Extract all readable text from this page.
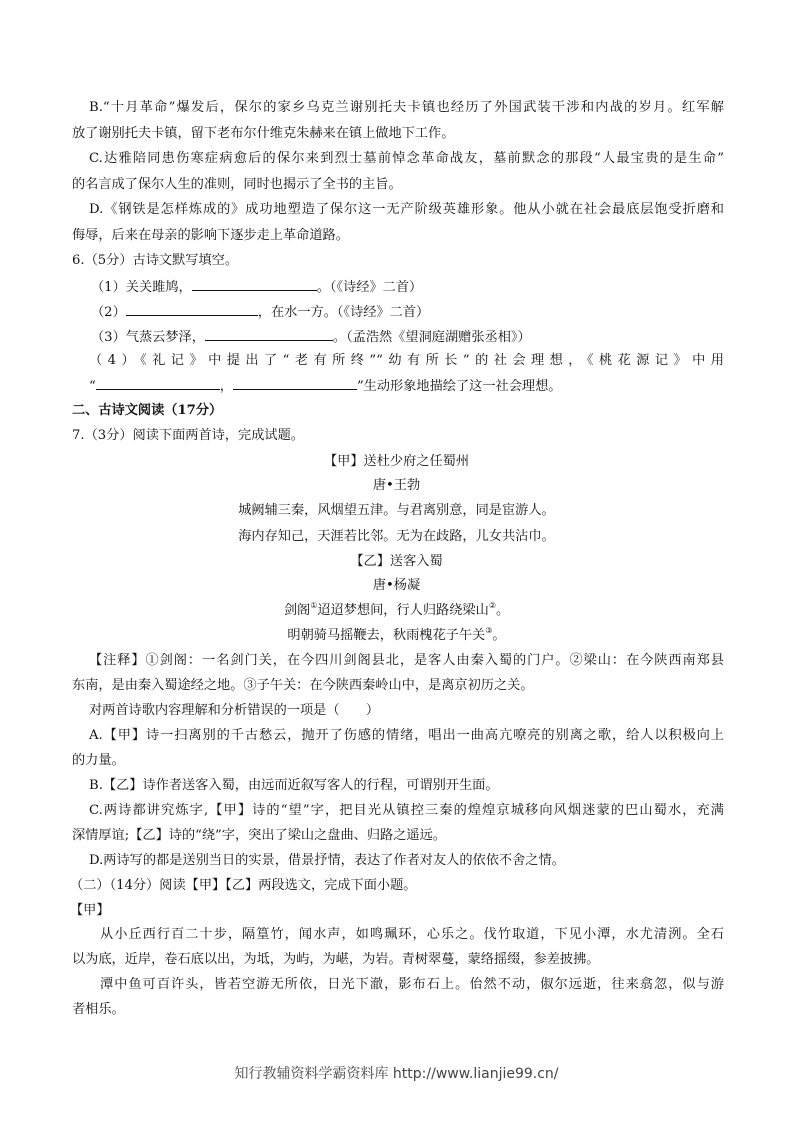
B.“十月革命”爆发后，保尔的家乡乌克兰谢别托夫卡镇也经历了外国武装干涉和内战的岁月。红军解
放了谢别托夫卡镇，留下老布尔什维克朱赫来在镇上做地下工作。
C.达雅陪同患伤寒症病愈后的保尔来到烈士墓前悼念革命战友，墓前默念的那段“人最宝贵的是生命”
的名言成了保尔人生的准则，同时也揭示了全书的主旨。
D.《钢铁是怎样炼成的》成功地塑造了保尔这一无产阶级英雄形象。他从小就在社会最底层饱受折磨和
侮辱，后来在母亲的影响下逐步走上革命道路。
6.（5分）古诗文默写填空。
（1）关关雎鸠，	。（《诗经》二首）
（2）	，在水一方。（《诗经》二首）
（3）气蒸云梦泽，	。（孟浩然《望洞庭湖赠张丞相》）
（4）《礼记》中提出了“老有所终”“幼有所长”的社会理想，《桃花源记》中用
“	，	”生动形象地描绘了这一社会理想。
二、古诗文阅读（17分）
7.（3分）阅读下面两首诗，完成试题。
【甲】送杜少府之任蜀州
唐•王勃
城阙辅三秦，风烟望五津。与君离别意，同是宦游人。
海内存知己，天涯若比邻。无为在歧路，儿女共沾巾。
【乙】送客入蜀
唐•杨凝
剑阁①迢迢梦想间，行人归路绕梁山②。
明朝骑马摇鞭去，秋雨槐花子午关③。
【注释】①剑阁：一名剑门关，在今四川剑阁县北，是客人由秦入蜀的门户。②梁山：在今陕西南郑县
东南，是由秦入蜀途经之地。③子午关：在今陕西秦岭山中，是离京初历之关。
对两首诗歌内容理解和分析错误的一项是（　　）
A.【甲】诗一扫离别的千古愁云，抛开了伤感的情绪，唱出一曲高亢嘹亮的别离之歌，给人以积极向上
的力量。
B.【乙】诗作者送客入蜀，由远而近叙写客人的行程，可谓别开生面。
C.两诗都讲究炼字,【甲】诗的“望”字，把目光从镇控三秦的煌煌京城移向风烟迷蒙的巴山蜀水，充满
深情厚谊;【乙】诗的“绕”字，突出了梁山之盘曲、归路之遥远。
D.两诗写的都是送别当日的实景，借景抒情，表达了作者对友人的依依不舍之情。
（二）（14分）阅读【甲】【乙】两段选文，完成下面小题。
【甲】
从小丘西行百二十步，隔篁竹，闻水声，如鸣珮环，心乐之。伐竹取道，下见小潭，水尤清洌。全石
以为底，近岸，卷石底以出，为坻，为屿，为嵁，为岩。青树翠蔓，蒙络摇缀，参差披拂。
潭中鱼可百许头，皆若空游无所依，日光下澈，影布石上。佁然不动，俶尔远逝，往来翕忽，似与游
者相乐。
知行教辅资料学霸资料库 http://www.lianjie99.cn/
